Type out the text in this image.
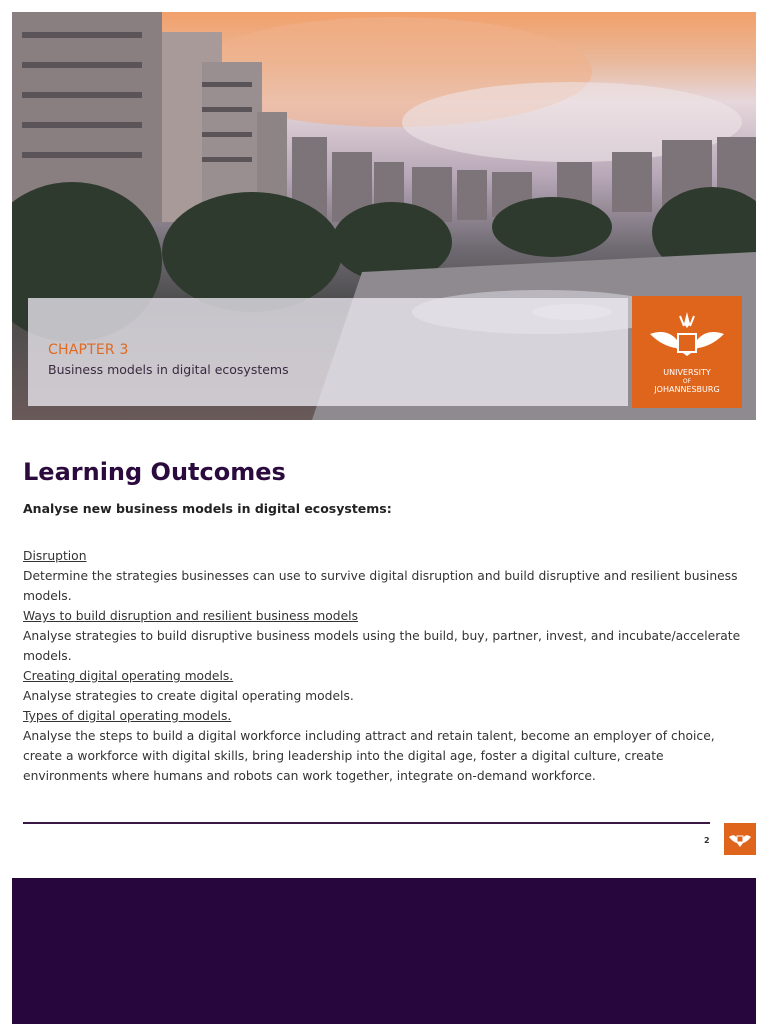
CHAPTER 3
Business models in digital ecosystems	UNIVERSITY
OF
JOHANNESBURG
Learning Outcomes
Analyse new business models in digital ecosystems:
Disruption
Determine the strategies businesses can use to survive digital disruption and build disruptive and resilient business models.
Ways to build disruption and resilient business models
Analyse strategies to build disruptive business models using the build, buy, partner, invest, and incubate/accelerate models.
Creating digital operating models.
Analyse strategies to create digital operating models.
Types of digital operating models.
Analyse the steps to build a digital workforce including attract and retain talent, become an employer of choice, create a workforce with digital skills, bring leadership into the digital age, foster a digital culture, create environments where humans and robots can work together, integrate on-demand workforce.
2
